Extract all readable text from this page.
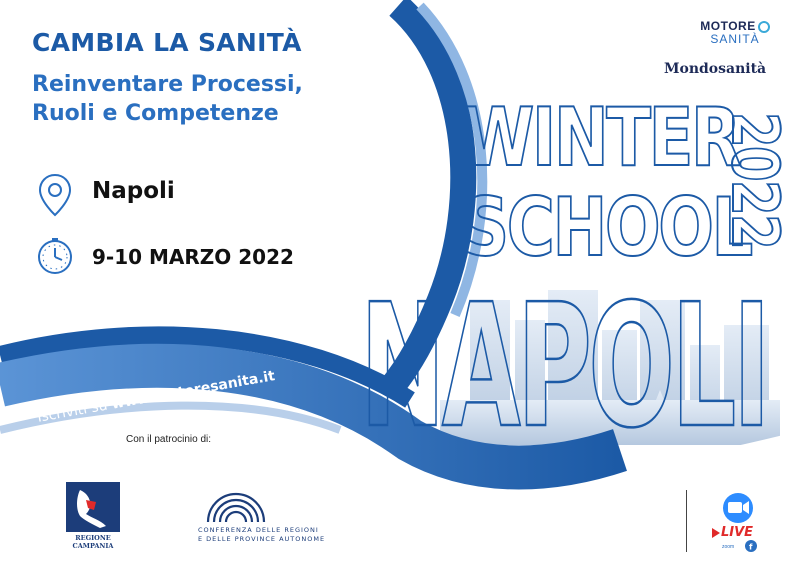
CAMBIA LA SANITÀ
Reinventare Processi,
Ruoli e Competenze
Napoli
9-10 MARZO 2022
Iscriviti su www.motoresanita.it
Con il patrocinio di:
MOTORE
SANITÀ
Mondosanità
WINTER
SCHOOL
2022
NAPOLI
REGIONE CAMPANIA
CONFERENZA DELLE REGIONI
E DELLE PROVINCE AUTONOME
f
LIVE
zoom
